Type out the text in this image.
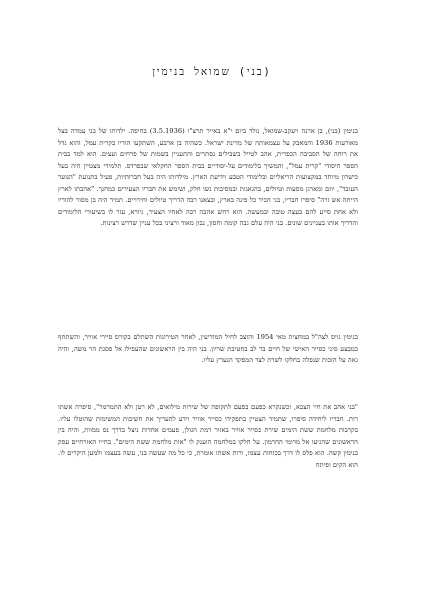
(בני) שמואל בנימין

בנימין (בני), בן ארנה ויעקב-שמואל, נולד ביום י"א באייר תרצ"ו (3.5.1936) בחיפה. ילדותו של בני עמדה בצל מאורעות 1936 והמאבק על עצמאותה של מדינת ישראל. כשהיה בן ארבע, השתקעו הוריו בקרית עמל, והוא גדל את רוחה של הסביבה הכפרית, אהב לטייל בשבילים נסתרים והתעניין בשמות של פרחים ועצים. הוא למד בבית הספר היסודי "קרית עמל", והמשיך בלימודים על-יסודיים בבית הספר החקלאי שבפרדס. תלמידי מצטיין היה בעל כישרון מיוחד במקצועות הריאליים ובלימודי הטבע וידיעת הארץ. מילדותו היה בעל חברותיות, פעיל בתנועת "הנוער העובד", יוזם ומארגן מסעות וטיולים, בהגאגות ובמסיבות גשו חלק, ושימש את חבריו הצעירים כמחנך. "אהבתו לארץ הייתה אש זרה" סיפרו חבריו, בני הכיר כל פינה בארץ, ובצאנו רבה הדריך טיולים וחירויים. תמיד היה בן מסור להוריו ולא אחת סייע להם בעצה טובה ובמעשה. הוא רחש אהבה רבה לאחיו הצעיר, גיורא, עזר לו בשיעורי הלימודים והדריך אותו בעניינים שונים. בני היה עלם גבה קומה וחסון, נבון מאוד ורציני בכל עניין שדרש רצינות.

בנימין גויס לצה"ל במחצית מאי 1954 והוצב לחיל המודיעין, לאחר הטירונות השתלם בקורס סיירי אוויר, והשתתף במבצע סיני כסייר האישי של חיים בר לב בחטיבת שריון. בני היה בין הראשונים שהעפילו אל פסגת הר משה, והיה גאה על הזכות שנפלה בחלקו לשרת לצד המפקד הנערץ עליו.

"בני אהב את חיי הצבא, וכשנקרא כפעם בפעם לתקופה של שירות מילואים, לא רטן ולא התמרמר", סיפרה אשתו רות. חבריו ליחידה סיפרו, שתמיד הצטיין בתפקידו כסייר אוויר וידע להעריך את חשיבות המשימות שהוטלו עליו. בקרבות מלחמת ששת הימים שירת כסייר אוויר באזור רמת הגולן, פעמים אחדות ניצל בדרך נס ממוות, והיה בין הראשונים שהגיעו אל מרומי החרמון. על חלקו במלחמה הוענק לו "אות מלחמת ששת הימים". בחייו האזרחיים עסק בנימין קשה. הוא פלס לו דרך בכוחות עצמו, ורות אשתו אומרת, כי כל מה שעשה בני, עשה בעצמו ולמען היקרים לו. הוא הקים ופיתח
